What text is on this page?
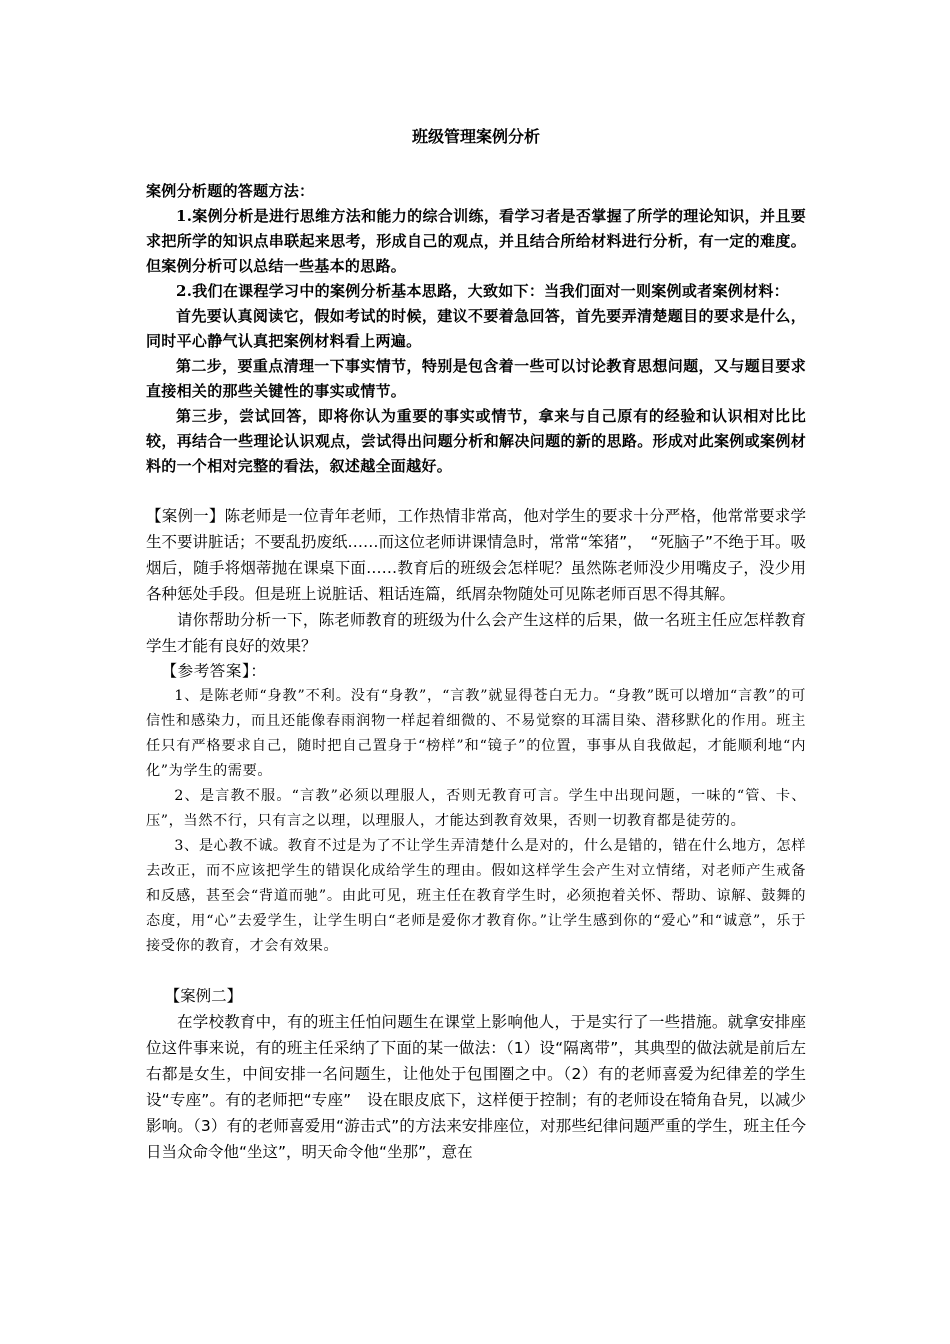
班级管理案例分析

案例分析题的答题方法：

1.案例分析是进行思维方法和能力的综合训练，看学习者是否掌握了所学的理论知识，并且要求把所学的知识点串联起来思考，形成自己的观点，并且结合所给材料进行分析，有一定的难度。但案例分析可以总结一些基本的思路。

2.我们在课程学习中的案例分析基本思路，大致如下：当我们面对一则案例或者案例材料：

首先要认真阅读它，假如考试的时候，建议不要着急回答，首先要弄清楚题目的要求是什么，同时平心静气认真把案例材料看上两遍。

第二步，要重点清理一下事实情节，特别是包含着一些可以讨论教育思想问题，又与题目要求直接相关的那些关键性的事实或情节。

第三步，尝试回答，即将你认为重要的事实或情节，拿来与自己原有的经验和认识相对比比较，再结合一些理论认识观点，尝试得出问题分析和解决问题的新的思路。形成对此案例或案例材料的一个相对完整的看法，叙述越全面越好。

【案例一】陈老师是一位青年老师，工作热情非常高，他对学生的要求十分严格，他常常要求学生不要讲脏话；不要乱扔废纸……而这位老师讲课情急时，常常“笨猪”，　“死脑子”不绝于耳。吸烟后，随手将烟蒂抛在课桌下面……教育后的班级会怎样呢？虽然陈老师没少用嘴皮子，没少用各种惩处手段。但是班上说脏话、粗话连篇，纸屑杂物随处可见陈老师百思不得其解。

请你帮助分析一下，陈老师教育的班级为什么会产生这样的后果，做一名班主任应怎样教育学生才能有良好的效果？

【参考答案】：

1、是陈老师“身教”不利。没有“身教”，“言教”就显得苍白无力。“身教”既可以增加“言教”的可信性和感染力，而且还能像春雨润物一样起着细微的、不易觉察的耳濡目染、潜移默化的作用。班主任只有严格要求自己，随时把自己置身于“榜样”和“镜子”的位置，事事从自我做起，才能顺利地“内化”为学生的需要。

2、是言教不服。“言教”必须以理服人，否则无教育可言。学生中出现问题，一味的“管、卡、压”，当然不行，只有言之以理，以理服人，才能达到教育效果，否则一切教育都是徒劳的。

3、是心教不诚。教育不过是为了不让学生弄清楚什么是对的，什么是错的，错在什么地方，怎样去改正，而不应该把学生的错误化成给学生的理由。假如这样学生会产生对立情绪，对老师产生戒备和反感，甚至会“背道而驰”。由此可见，班主任在教育学生时，必须抱着关怀、帮助、谅解、鼓舞的态度，用“心”去爱学生，让学生明白“老师是爱你才教育你。”让学生感到你的“爱心”和“诚意”，乐于接受你的教育，才会有效果。

【案例二】

在学校教育中，有的班主任怕问题生在课堂上影响他人，于是实行了一些措施。就拿安排座位这件事来说，有的班主任采纳了下面的某一做法：（1）设“隔离带”，其典型的做法就是前后左右都是女生，中间安排一名问题生，让他处于包围圈之中。（2）有的老师喜爱为纪律差的学生设“专座”。有的老师把“专座”　设在眼皮底下，这样便于控制；有的老师设在犄角旮旯，以减少影响。（3）有的老师喜爱用“游击式”的方法来安排座位，对那些纪律问题严重的学生，班主任今日当众命令他“坐这”，明天命令他“坐那”，意在
